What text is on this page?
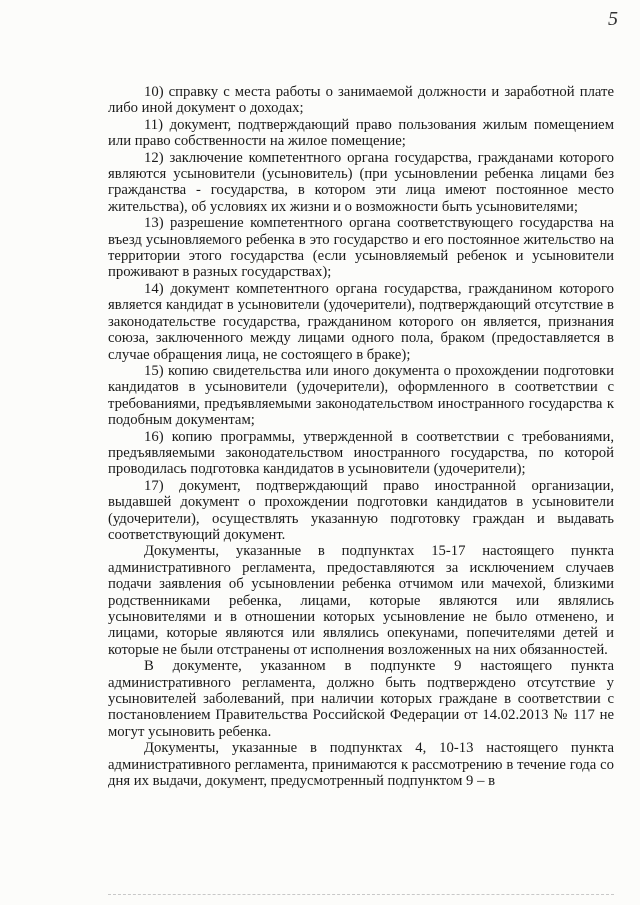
5

10) справку с места работы о занимаемой должности и заработной плате либо иной документ о доходах;

11) документ, подтверждающий право пользования жилым помещением или право собственности на жилое помещение;

12) заключение компетентного органа государства, гражданами которого являются усыновители (усыновитель) (при усыновлении ребенка лицами без гражданства - государства, в котором эти лица имеют постоянное место жительства), об условиях их жизни и о возможности быть усыновителями;

13) разрешение компетентного органа соответствующего государства на въезд усыновляемого ребенка в это государство и его постоянное жительство на территории этого государства (если усыновляемый ребенок и усыновители проживают в разных государствах);

14) документ компетентного органа государства, гражданином которого является кандидат в усыновители (удочерители), подтверждающий отсутствие в законодательстве государства, гражданином которого он является, признания союза, заключенного между лицами одного пола, браком (предоставляется в случае обращения лица, не состоящего в браке);

15) копию свидетельства или иного документа о прохождении подготовки кандидатов в усыновители (удочерители), оформленного в соответствии с требованиями, предъявляемыми законодательством иностранного государства к подобным документам;

16) копию программы, утвержденной в соответствии с требованиями, предъявляемыми законодательством иностранного государства, по которой проводилась подготовка кандидатов в усыновители (удочерители);

17) документ, подтверждающий право иностранной организации, выдавшей документ о прохождении подготовки кандидатов в усыновители (удочерители), осуществлять указанную подготовку граждан и выдавать соответствующий документ.

Документы, указанные в подпунктах 15-17 настоящего пункта административного регламента, предоставляются за исключением случаев подачи заявления об усыновлении ребенка отчимом или мачехой, близкими родственниками ребенка, лицами, которые являются или являлись усыновителями и в отношении которых усыновление не было отменено, и лицами, которые являются или являлись опекунами, попечителями детей и которые не были отстранены от исполнения возложенных на них обязанностей.

В документе, указанном в подпункте 9 настоящего пункта административного регламента, должно быть подтверждено отсутствие у усыновителей заболеваний, при наличии которых граждане в соответствии с постановлением Правительства Российской Федерации от 14.02.2013 № 117 не могут усыновить ребенка.

Документы, указанные в подпунктах 4, 10-13 настоящего пункта административного регламента, принимаются к рассмотрению в течение года со дня их выдачи, документ, предусмотренный подпунктом 9 – в
